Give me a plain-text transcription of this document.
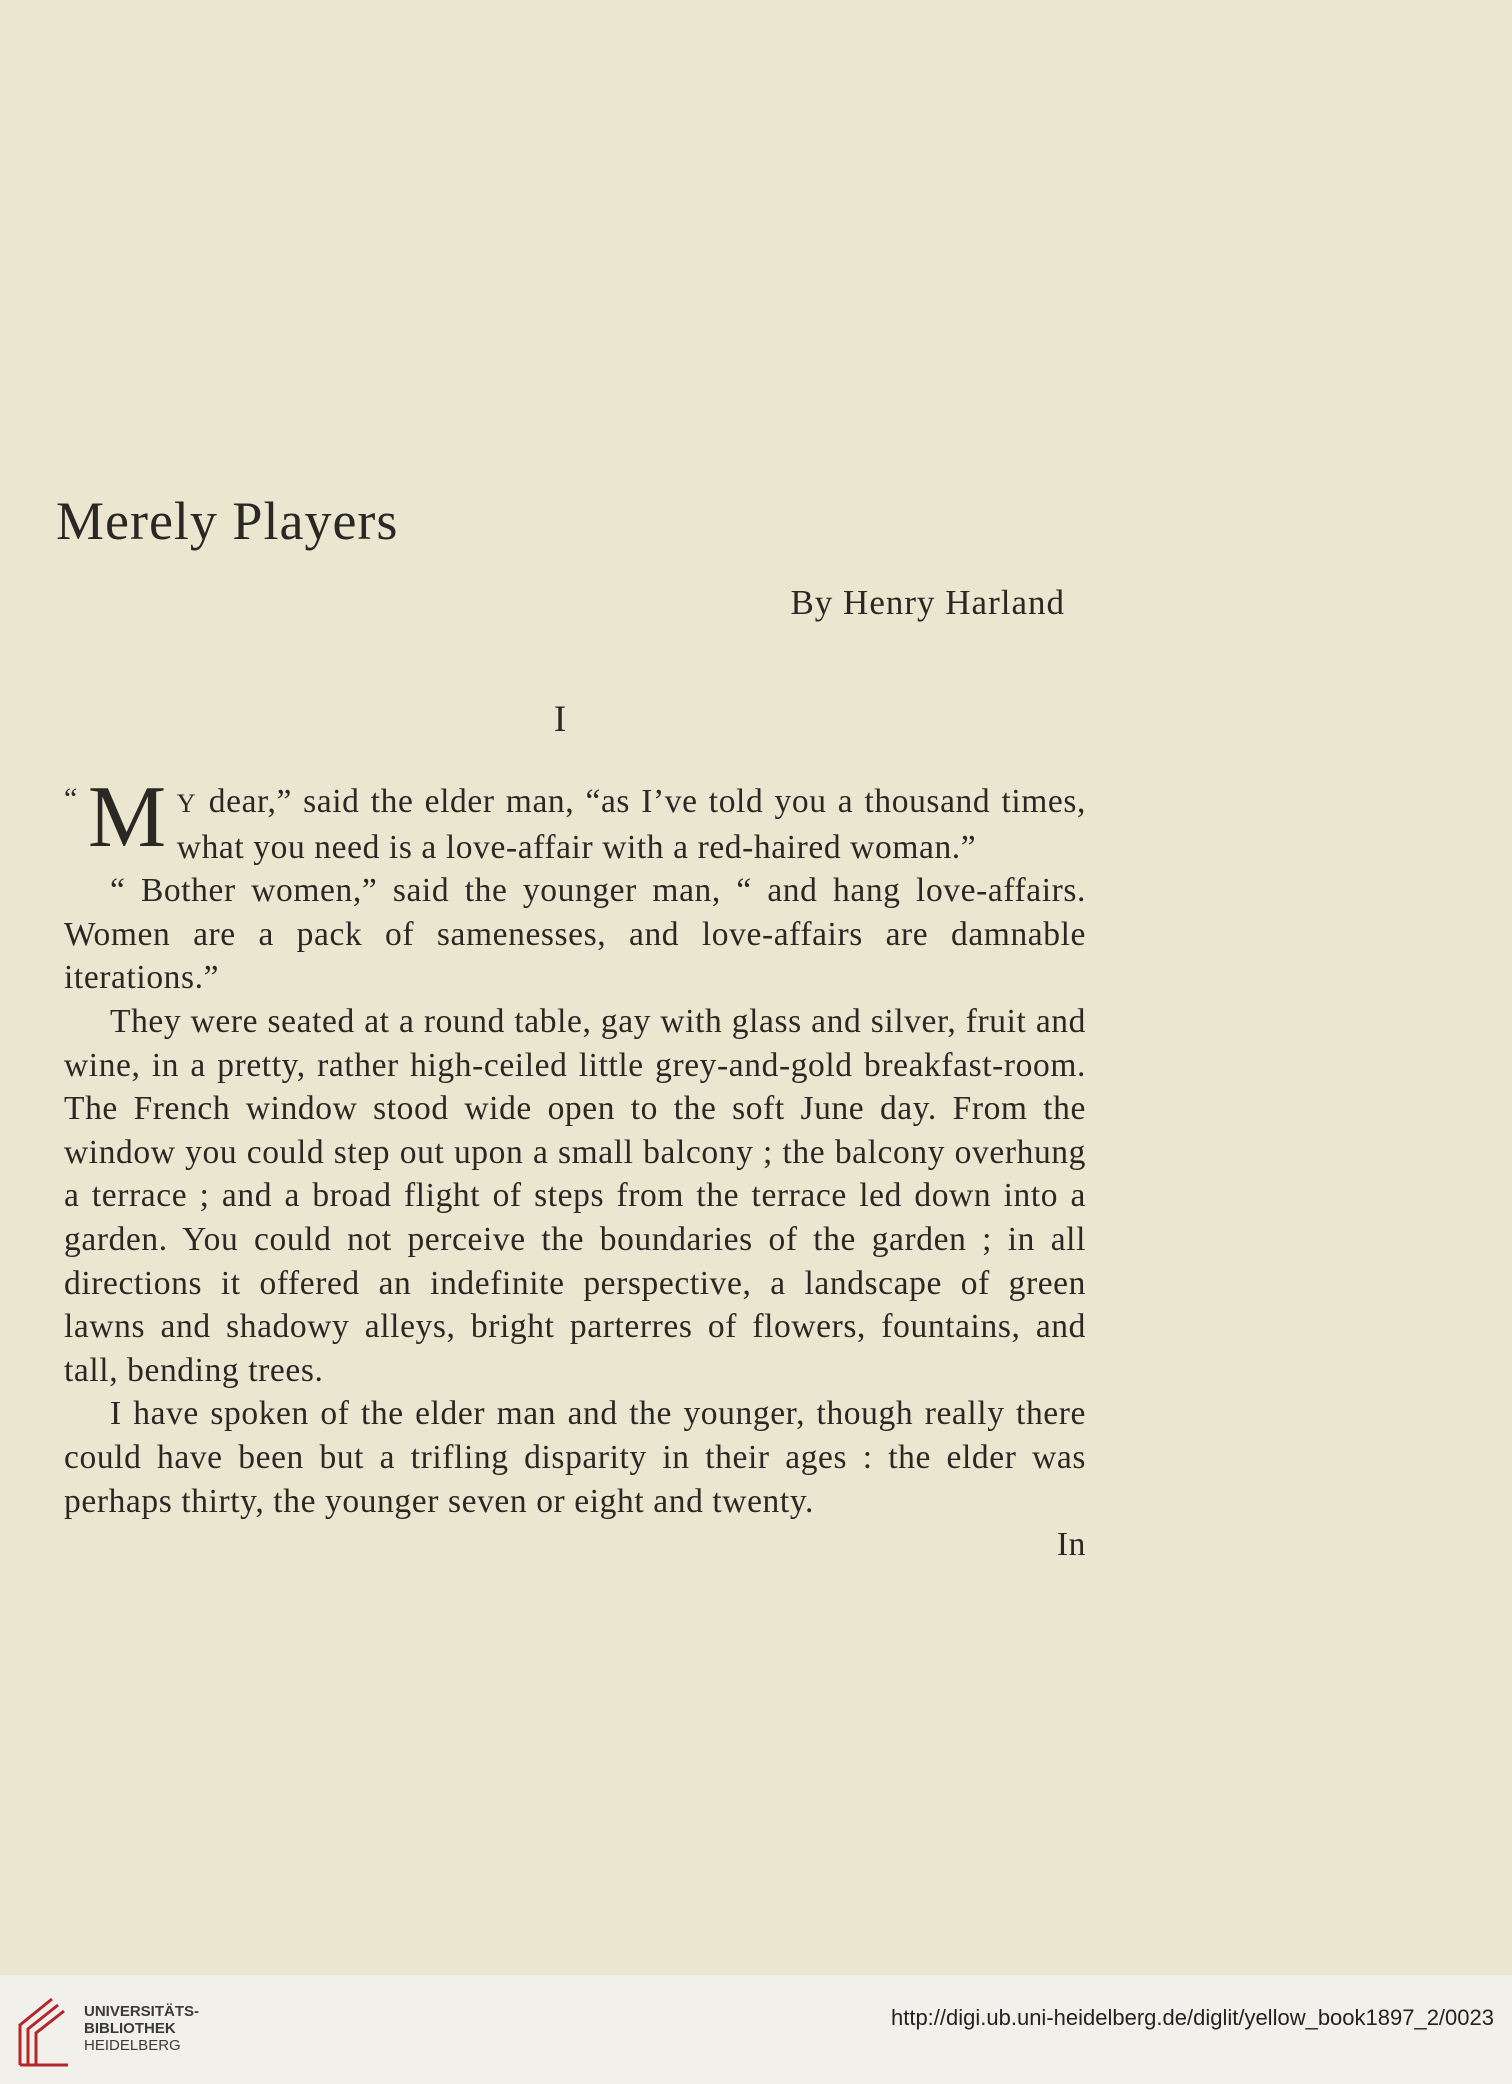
Merely Players
By Henry Harland
I

“ M Y dear,” said the elder man, “as I’ve told you a thousand times, what you need is a love-affair with a red-haired woman.”

“ Bother women,” said the younger man, “ and hang love-affairs. Women are a pack of samenesses, and love-affairs are damnable iterations.”

They were seated at a round table, gay with glass and silver, fruit and wine, in a pretty, rather high-ceiled little grey-and-gold breakfast-room. The French window stood wide open to the soft June day. From the window you could step out upon a small balcony ; the balcony overhung a terrace ; and a broad flight of steps from the terrace led down into a garden. You could not perceive the boundaries of the garden ; in all directions it offered an indefinite perspective, a landscape of green lawns and shadowy alleys, bright parterres of flowers, fountains, and tall, bending trees.

I have spoken of the elder man and the younger, though really there could have been but a trifling disparity in their ages : the elder was perhaps thirty, the younger seven or eight and twenty.

In

UNIVERSITÄTS-
BIBLIOTHEK
HEIDELBERG
http://digi.ub.uni-heidelberg.de/diglit/yellow_book1897_2/0023
